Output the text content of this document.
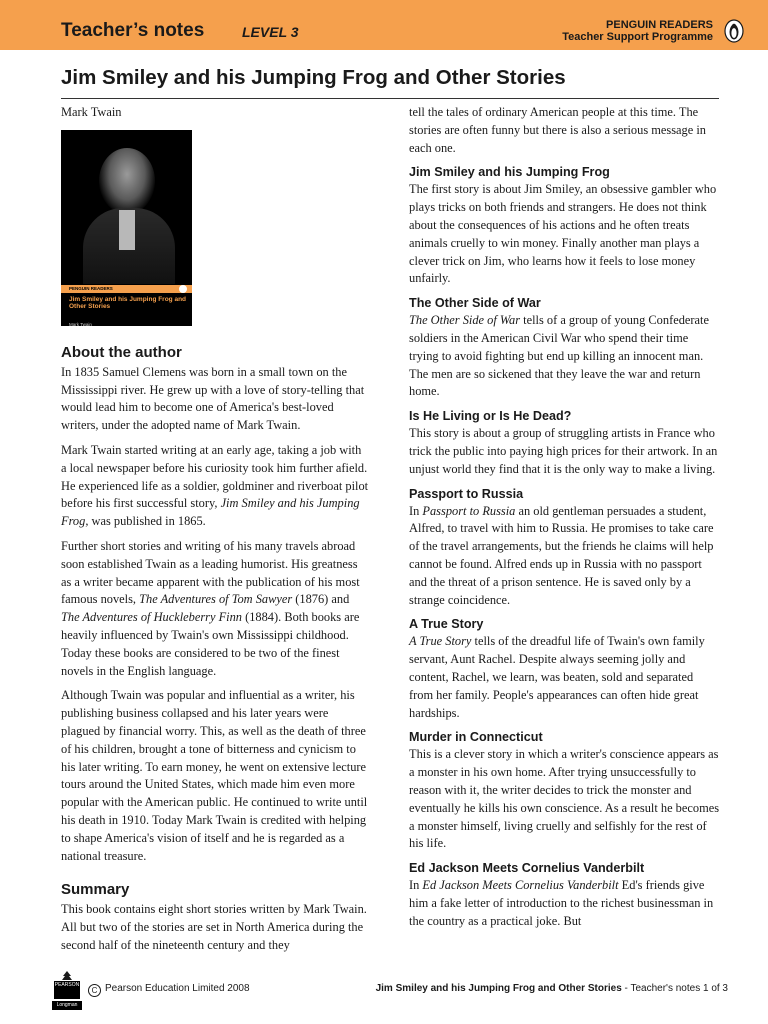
Teacher’s notes	LEVEL 3	PENGUIN READERS
Teacher Support Programme
Jim Smiley and his Jumping Frog and Other Stories

Mark Twain

PENGUIN READERS
Jim Smiley and his Jumping Frog and Other Stories
Mark Twain
About the author

In 1835 Samuel Clemens was born in a small town on the Mississippi river. He grew up with a love of story-telling that would lead him to become one of America's best-loved writers, under the adopted name of Mark Twain.

Mark Twain started writing at an early age, taking a job with a local newspaper before his curiosity took him further afield. He experienced life as a soldier, goldminer and riverboat pilot before his first successful story, Jim Smiley and his Jumping Frog, was published in 1865.

Further short stories and writing of his many travels abroad soon established Twain as a leading humorist. His greatness as a writer became apparent with the publication of his most famous novels, The Adventures of Tom Sawyer (1876) and The Adventures of Huckleberry Finn (1884). Both books are heavily influenced by Twain's own Mississippi childhood. Today these books are considered to be two of the finest novels in the English language.

Although Twain was popular and influential as a writer, his publishing business collapsed and his later years were plagued by financial worry. This, as well as the death of three of his children, brought a tone of bitterness and cynicism to his later writing. To earn money, he went on extensive lecture tours around the United States, which made him even more popular with the American public. He continued to write until his death in 1910. Today Mark Twain is credited with helping to shape America's vision of itself and he is regarded as a national treasure.

Summary

This book contains eight short stories written by Mark Twain. All but two of the stories are set in North America during the second half of the nineteenth century and they

tell the tales of ordinary American people at this time. The stories are often funny but there is also a serious message in each one.

Jim Smiley and his Jumping Frog

The first story is about Jim Smiley, an obsessive gambler who plays tricks on both friends and strangers. He does not think about the consequences of his actions and he often treats animals cruelly to win money. Finally another man plays a clever trick on Jim, who learns how it feels to lose money unfairly.

The Other Side of War

The Other Side of War tells of a group of young Confederate soldiers in the American Civil War who spend their time trying to avoid fighting but end up killing an innocent man. The men are so sickened that they leave the war and return home.

Is He Living or Is He Dead?

This story is about a group of struggling artists in France who trick the public into paying high prices for their artwork. In an unjust world they find that it is the only way to make a living.

Passport to Russia

In Passport to Russia an old gentleman persuades a student, Alfred, to travel with him to Russia. He promises to take care of the travel arrangements, but the friends he claims will help cannot be found. Alfred ends up in Russia with no passport and the threat of a prison sentence. He is saved only by a strange coincidence.

A True Story

A True Story tells of the dreadful life of Twain's own family servant, Aunt Rachel. Despite always seeming jolly and content, Rachel, we learn, was beaten, sold and separated from her family. People's appearances can often hide great hardships.

Murder in Connecticut

This is a clever story in which a writer's conscience appears as a monster in his own home. After trying unsuccessfully to reason with it, the writer decides to trick the monster and eventually he kills his own conscience. As a result he becomes a monster himself, living cruelly and selfishly for the rest of his life.

Ed Jackson Meets Cornelius Vanderbilt

In Ed Jackson Meets Cornelius Vanderbilt Ed's friends give him a fake letter of introduction to the richest businessman in the country as a practical joke. But

PEARSON
Longman
C Pearson Education Limited 2008	Jim Smiley and his Jumping Frog and Other Stories - Teacher's notes 1 of 3
